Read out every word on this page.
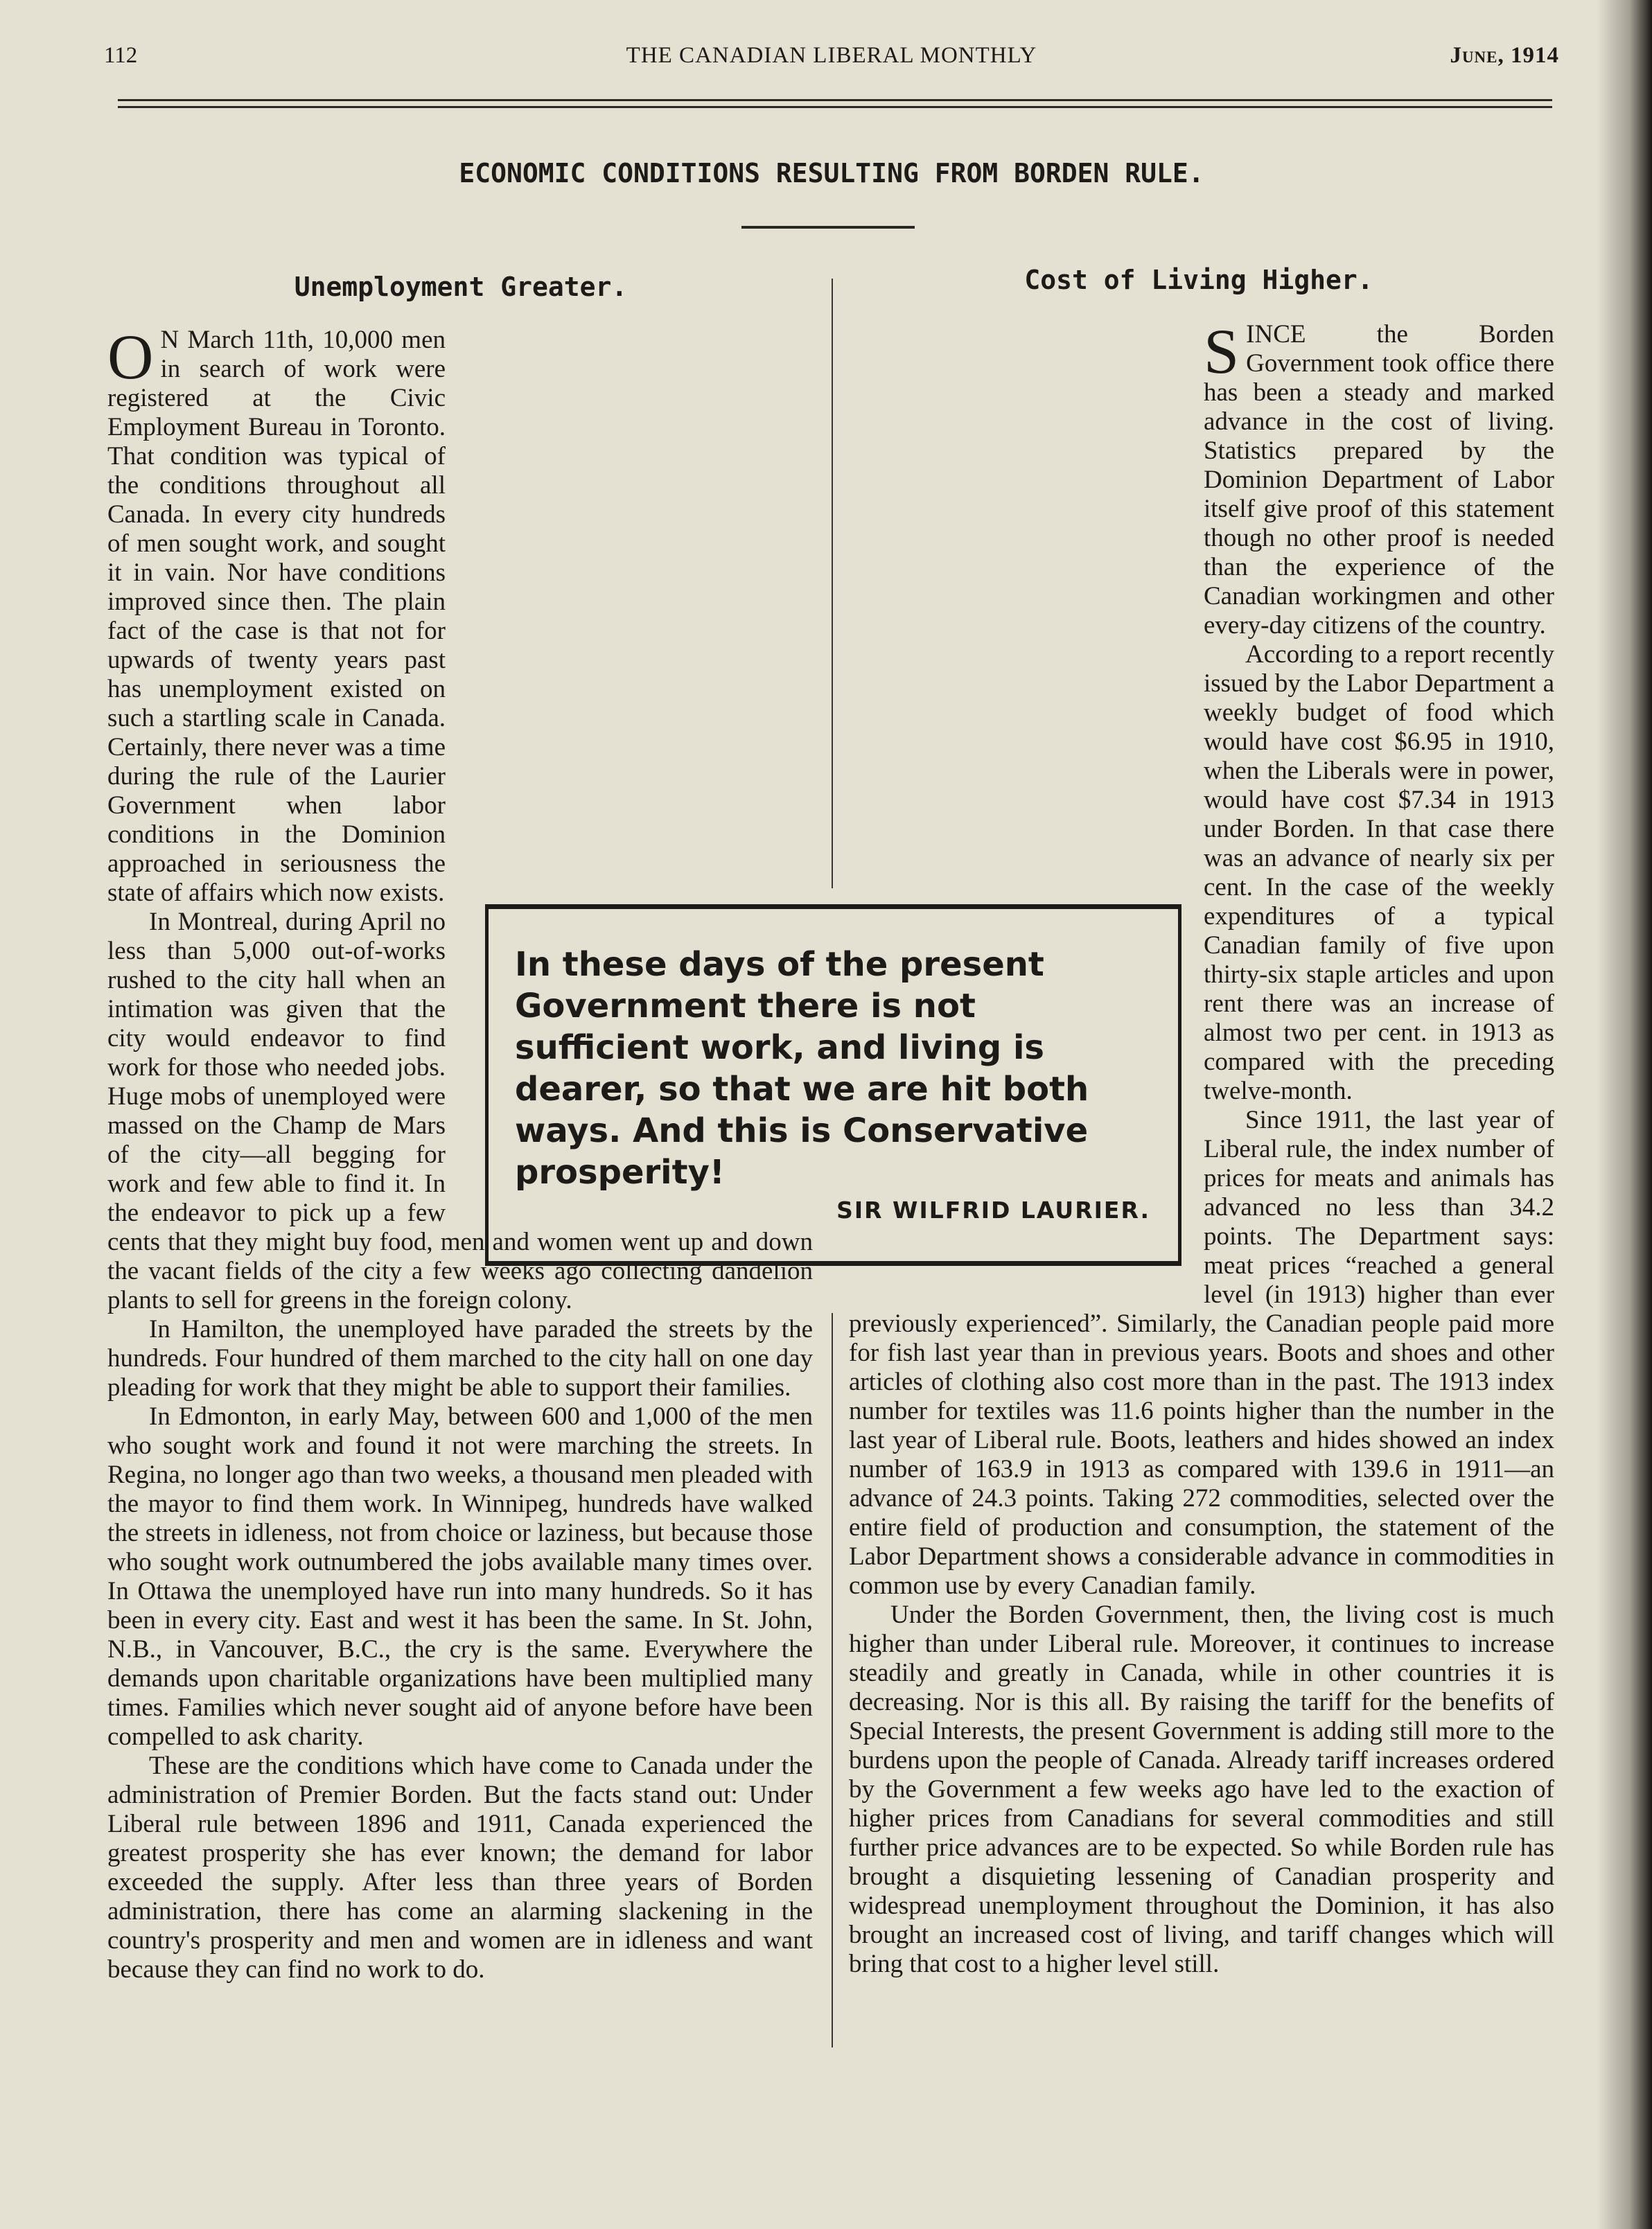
112	THE CANADIAN LIBERAL MONTHLY	June, 1914
ECONOMIC CONDITIONS RESULTING FROM BORDEN RULE.
Unemployment Greater.

O N March 11th, 10,000 men in search of work were registered at the Civic Employment Bureau in Toronto. That condition was typical of the conditions throughout all Canada. In every city hundreds of men sought work, and sought it in vain. Nor have conditions improved since then. The plain fact of the case is that not for upwards of twenty years past has unemployment existed on such a startling scale in Canada. Certainly, there never was a time during the rule of the Laurier Government when labor conditions in the Dominion approached in seriousness the state of affairs which now exists.

In Montreal, during April no less than 5,000 out-of-works rushed to the city hall when an intimation was given that the city would endeavor to find work for those who needed jobs. Huge mobs of unemployed were massed on the Champ de Mars of the city—all begging for work and few able to find it. In the endeavor to pick up a few cents that they might buy food, men and women went up and down the vacant fields of the city a few weeks ago collecting dandelion plants to sell for greens in the foreign colony.

In Hamilton, the unemployed have paraded the streets by the hundreds. Four hundred of them marched to the city hall on one day pleading for work that they might be able to support their families.

In Edmonton, in early May, between 600 and 1,000 of the men who sought work and found it not were marching the streets. In Regina, no longer ago than two weeks, a thousand men pleaded with the mayor to find them work. In Winnipeg, hundreds have walked the streets in idleness, not from choice or laziness, but because those who sought work outnumbered the jobs available many times over. In Ottawa the unemployed have run into many hundreds. So it has been in every city. East and west it has been the same. In St. John, N.B., in Vancouver, B.C., the cry is the same. Everywhere the demands upon charitable organizations have been multiplied many times. Families which never sought aid of anyone before have been compelled to ask charity.

These are the conditions which have come to Canada under the administration of Premier Borden. But the facts stand out: Under Liberal rule between 1896 and 1911, Canada experienced the greatest prosperity she has ever known; the demand for labor exceeded the supply. After less than three years of Borden administration, there has come an alarming slackening in the country's prosperity and men and women are in idleness and want because they can find no work to do.

Cost of Living Higher.

SINCE the Borden Government took office there has been a steady and marked advance in the cost of living. Statistics prepared by the Dominion Department of Labor itself give proof of this statement though no other proof is needed than the experience of the Canadian workingmen and other every-day citizens of the country.

According to a report recently issued by the Labor Department a weekly budget of food which would have cost $6.95 in 1910, when the Liberals were in power, would have cost $7.34 in 1913 under Borden. In that case there was an advance of nearly six per cent. In the case of the weekly expenditures of a typical Canadian family of five upon thirty-six staple articles and upon rent there was an increase of almost two per cent. in 1913 as compared with the preceding twelve-month.

Since 1911, the last year of Liberal rule, the index number of prices for meats and animals has advanced no less than 34.2 points. The Department says: meat prices “reached a general level (in 1913) higher than ever previously experienced”. Similarly, the Canadian people paid more for fish last year than in previous years. Boots and shoes and other articles of clothing also cost more than in the past. The 1913 index number for textiles was 11.6 points higher than the number in the last year of Liberal rule. Boots, leathers and hides showed an index number of 163.9 in 1913 as compared with 139.6 in 1911—an advance of 24.3 points. Taking 272 commodities, selected over the entire field of production and consumption, the statement of the Labor Department shows a considerable advance in commodities in common use by every Canadian family.

Under the Borden Government, then, the living cost is much higher than under Liberal rule. Moreover, it continues to increase steadily and greatly in Canada, while in other countries it is decreasing. Nor is this all. By raising the tariff for the benefits of Special Interests, the present Government is adding still more to the burdens upon the people of Canada. Already tariff increases ordered by the Government a few weeks ago have led to the exaction of higher prices from Canadians for several commodities and still further price advances are to be expected. So while Borden rule has brought a disquieting lessening of Canadian prosperity and widespread unemployment throughout the Dominion, it has also brought an increased cost of living, and tariff changes which will bring that cost to a higher level still.

In these days of the present Government there is not sufficient work, and living is dearer, so that we are hit both ways. And this is Conservative prosperity!

SIR WILFRID LAURIER.
